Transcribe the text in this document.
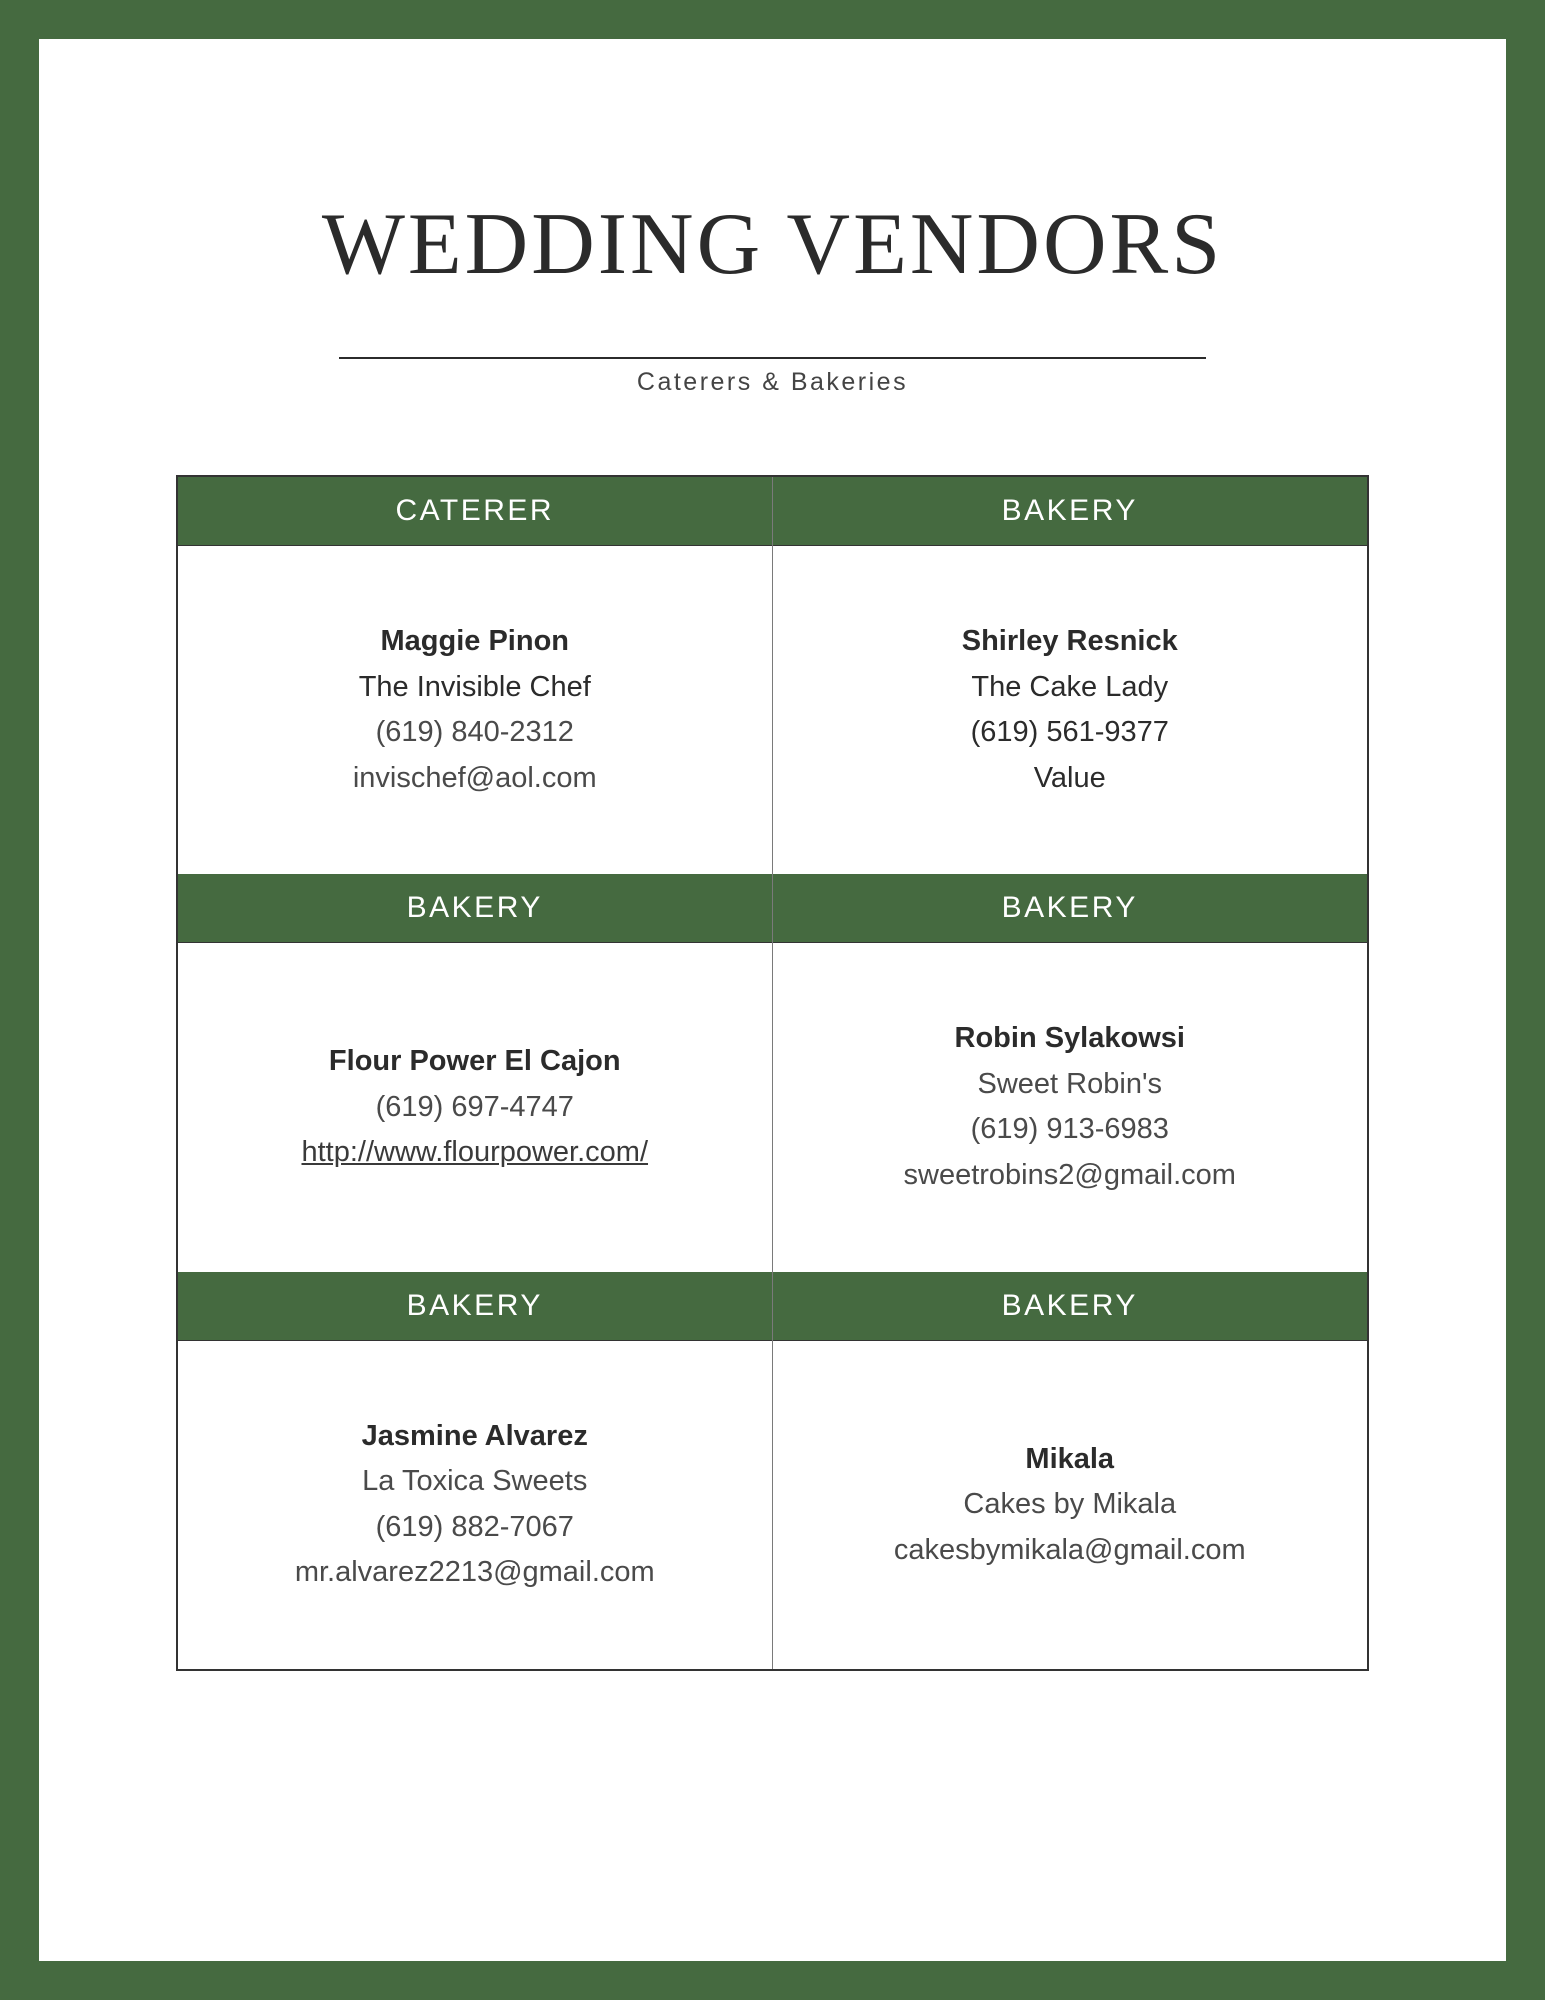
WEDDING VENDORS
Caterers & Bakeries
CATERER
Maggie Pinon
The Invisible Chef
(619) 840-2312
invischef@aol.com
BAKERY
Shirley Resnick
The Cake Lady
(619) 561-9377
Value
BAKERY
Flour Power El Cajon
(619) 697-4747
http://www.flourpower.com/
BAKERY
Robin Sylakowsi
Sweet Robin's
(619) 913-6983
sweetrobins2@gmail.com
BAKERY
Jasmine Alvarez
La Toxica Sweets
(619) 882-7067
mr.alvarez2213@gmail.com
BAKERY
Mikala
Cakes by Mikala
cakesbymikala@gmail.com
